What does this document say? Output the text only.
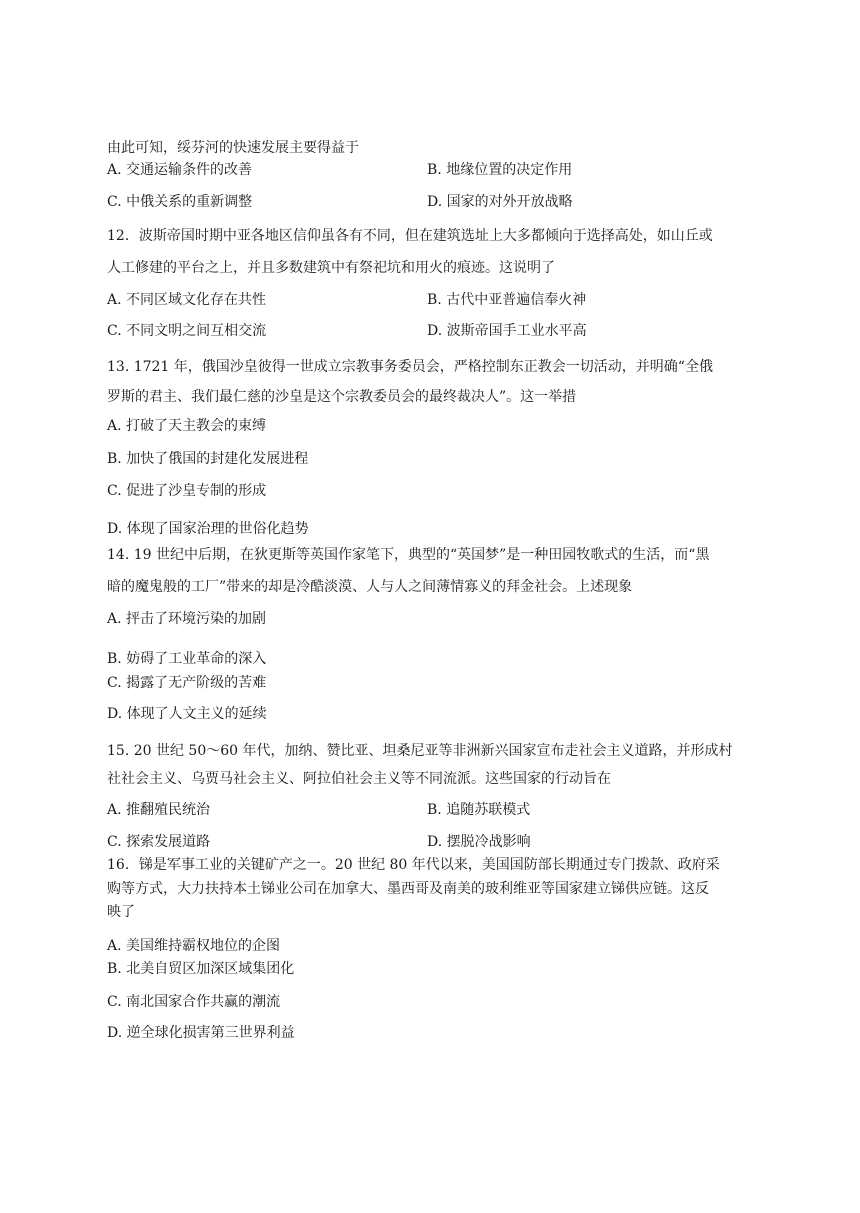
由此可知，绥芬河的快速发展主要得益于
A. 交通运输条件的改善	B. 地缘位置的决定作用
C. 中俄关系的重新调整	D. 国家的对外开放战略
12．波斯帝国时期中亚各地区信仰虽各有不同，但在建筑选址上大多都倾向于选择高处，如山丘或
人工修建的平台之上，并且多数建筑中有祭祀坑和用火的痕迹。这说明了
A. 不同区域文化存在共性	B. 古代中亚普遍信奉火神
C. 不同文明之间互相交流	D. 波斯帝国手工业水平高
13. 1721 年，俄国沙皇彼得一世成立宗教事务委员会，严格控制东正教会一切活动，并明确“全俄
罗斯的君主、我们最仁慈的沙皇是这个宗教委员会的最终裁决人”。这一举措
A. 打破了天主教会的束缚
B. 加快了俄国的封建化发展进程
C. 促进了沙皇专制的形成
D. 体现了国家治理的世俗化趋势
14. 19 世纪中后期，在狄更斯等英国作家笔下，典型的“英国梦”是一种田园牧歌式的生活，而“黑
暗的魔鬼般的工厂”带来的却是冷酷淡漠、人与人之间薄情寡义的拜金社会。上述现象
A. 抨击了环境污染的加剧
B. 妨碍了工业革命的深入
C. 揭露了无产阶级的苦难
D. 体现了人文主义的延续
15. 20 世纪 50～60 年代，加纳、赞比亚、坦桑尼亚等非洲新兴国家宣布走社会主义道路，并形成村
社社会主义、乌贾马社会主义、阿拉伯社会主义等不同流派。这些国家的行动旨在
A. 推翻殖民统治	B. 追随苏联模式
C. 探索发展道路	D. 摆脱冷战影响
16．锑是军事工业的关键矿产之一。20 世纪 80 年代以来，美国国防部长期通过专门拨款、政府采
购等方式，大力扶持本土锑业公司在加拿大、墨西哥及南美的玻利维亚等国家建立锑供应链。这反
映了
A. 美国维持霸权地位的企图
B. 北美自贸区加深区域集团化
C. 南北国家合作共赢的潮流
D. 逆全球化损害第三世界利益
